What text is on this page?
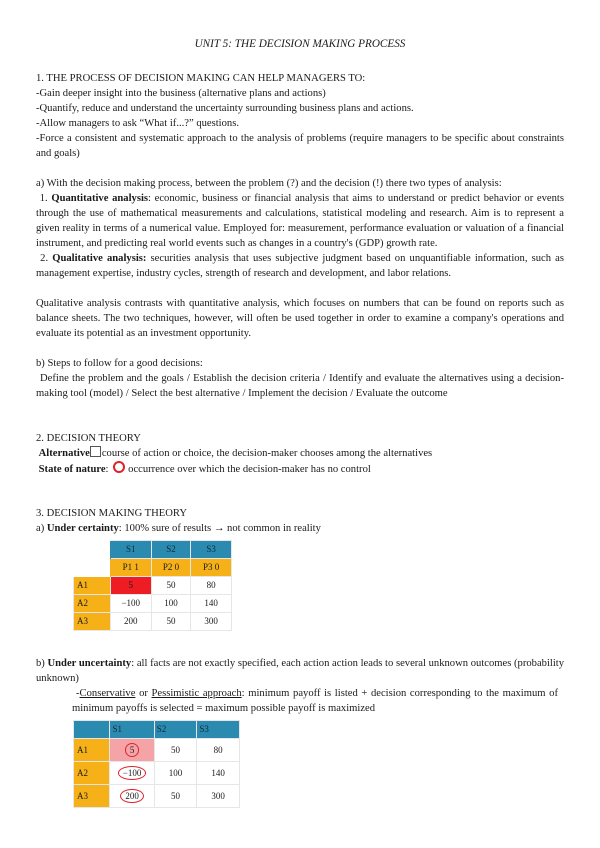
UNIT 5: THE DECISION MAKING PROCESS

1. THE PROCESS OF DECISION MAKING CAN HELP MANAGERS TO:

-Gain deeper insight into the business (alternative plans and actions)

-Quantify, reduce and understand the uncertainty surrounding business plans and actions.

-Allow managers to ask “What if...?” questions.

-Force a consistent and systematic approach to the analysis of problems (require managers to be specific about constraints and goals)

a) With the decision making process, between the problem (?) and the decision (!) there two types of analysis:

1. Quantitative analysis: economic, business or financial analysis that aims to understand or predict behavior or events through the use of mathematical measurements and calculations, statistical modeling and research. Aim is to represent a given reality in terms of a numerical value. Employed for: measurement, performance evaluation or valuation of a financial instrument, and predicting real world events such as changes in a country's (GDP) growth rate.

2. Qualitative analysis: securities analysis that uses subjective judgment based on unquantifiable information, such as management expertise, industry cycles, strength of research and development, and labor relations.

Qualitative analysis contrasts with quantitative analysis, which focuses on numbers that can be found on reports such as balance sheets. The two techniques, however, will often be used together in order to examine a company's operations and evaluate its potential as an investment opportunity.

b) Steps to follow for a good decisions:

Define the problem and the goals / Establish the decision criteria / Identify and evaluate the alternatives using a decision-making tool (model) / Select the best alternative / Implement the decision / Evaluate the outcome

2. DECISION THEORY

Alternative course of action or choice, the decision-maker chooses among the alternatives

State of nature: occurrence over which the decision-maker has no control

3. DECISION MAKING THEORY

a) Under certainty: 100% sure of results → not common in reality

	S1	S2	S3
	P1 1	P2 0	P3 0
A1	5	50	80
A2	−100	100	140
A3	200	50	300

b) Under uncertainty: all facts are not exactly specified, each action action leads to several unknown outcomes (probability unknown)

-Conservative or Pessimistic approach: minimum payoff is listed + decision corresponding to the maximum of minimum payoffs is selected = maximum possible payoff is maximized

	S1	S2	S3
A1	5	50	80
A2	−100	100	140
A3	200	50	300
